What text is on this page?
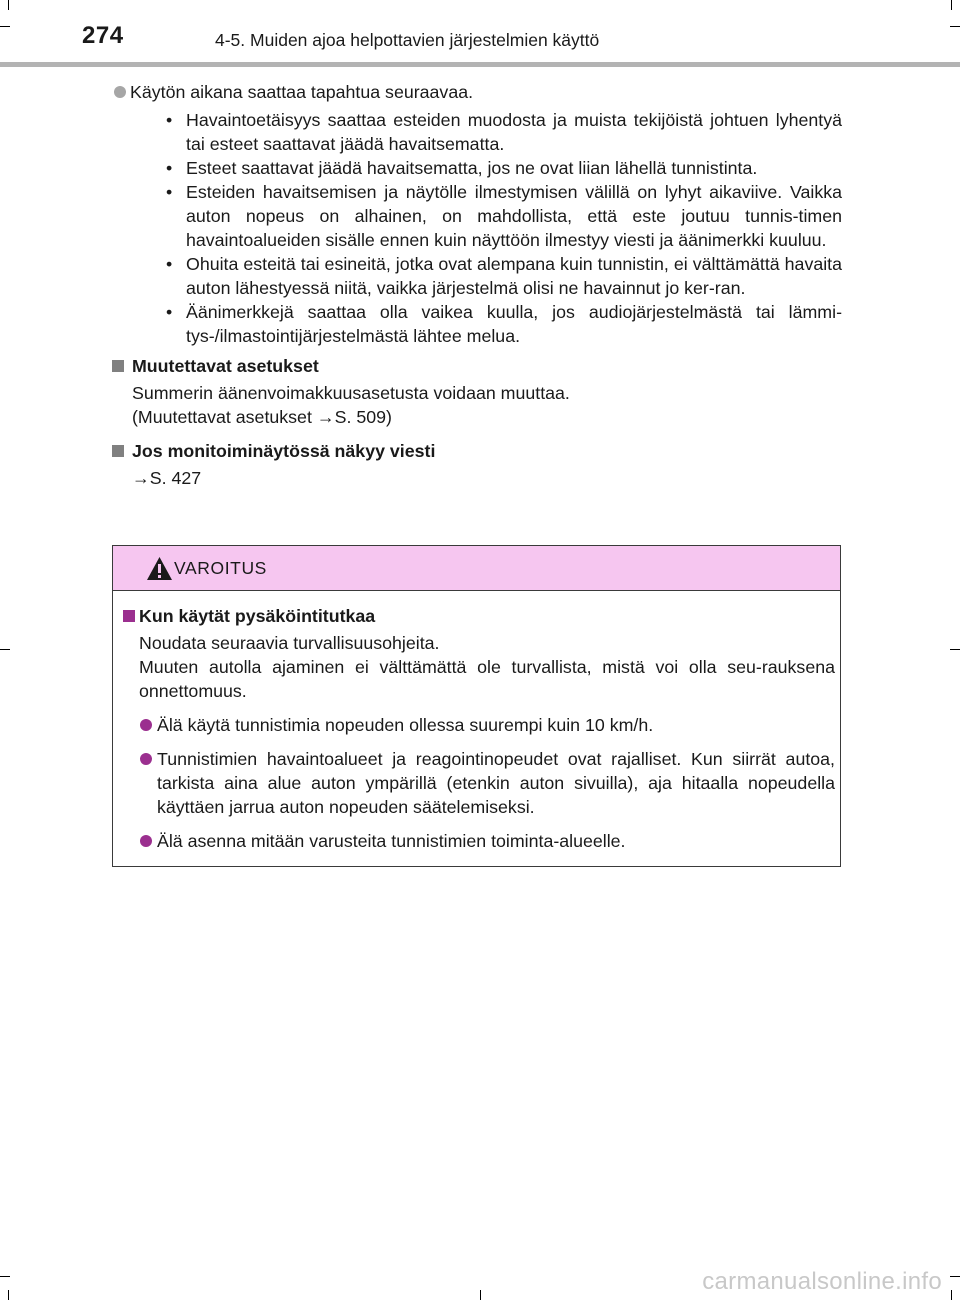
274	4-5. Muiden ajoa helpottavien järjestelmien käyttö
Käytön aikana saattaa tapahtua seuraavaa.
• Havaintoetäisyys saattaa esteiden muodosta ja muista tekijöistä johtuen lyhentyä tai esteet saattavat jäädä havaitsematta.
• Esteet saattavat jäädä havaitsematta, jos ne ovat liian lähellä tunnistinta.
• Esteiden havaitsemisen ja näytölle ilmestymisen välillä on lyhyt aikaviive. Vaikka auton nopeus on alhainen, on mahdollista, että este joutuu tunnis-timen havaintoalueiden sisälle ennen kuin näyttöön ilmestyy viesti ja äänimerkki kuuluu.
• Ohuita esteitä tai esineitä, jotka ovat alempana kuin tunnistin, ei välttämättä havaita auton lähestyessä niitä, vaikka järjestelmä olisi ne havainnut jo ker-ran.
• Äänimerkkejä saattaa olla vaikea kuulla, jos audiojärjestelmästä tai lämmi-tys-/ilmastointijärjestelmästä lähtee melua.
Muutettavat asetukset
Summerin äänenvoimakkuusasetusta voidaan muuttaa.
(Muutettavat asetukset →S. 509)
Jos monitoiminäytössä näkyy viesti
→S. 427
VAROITUS
Kun käytät pysäköintitutkaa
Noudata seuraavia turvallisuusohjeita.
Muuten autolla ajaminen ei välttämättä ole turvallista, mistä voi olla seu-rauksena onnettomuus.
Älä käytä tunnistimia nopeuden ollessa suurempi kuin 10 km/h.
Tunnistimien havaintoalueet ja reagointinopeudet ovat rajalliset. Kun siirrät autoa, tarkista aina alue auton ympärillä (etenkin auton sivuilla), aja hitaalla nopeudella käyttäen jarrua auton nopeuden säätelemiseksi.
Älä asenna mitään varusteita tunnistimien toiminta-alueelle.
carmanualsonline.info
